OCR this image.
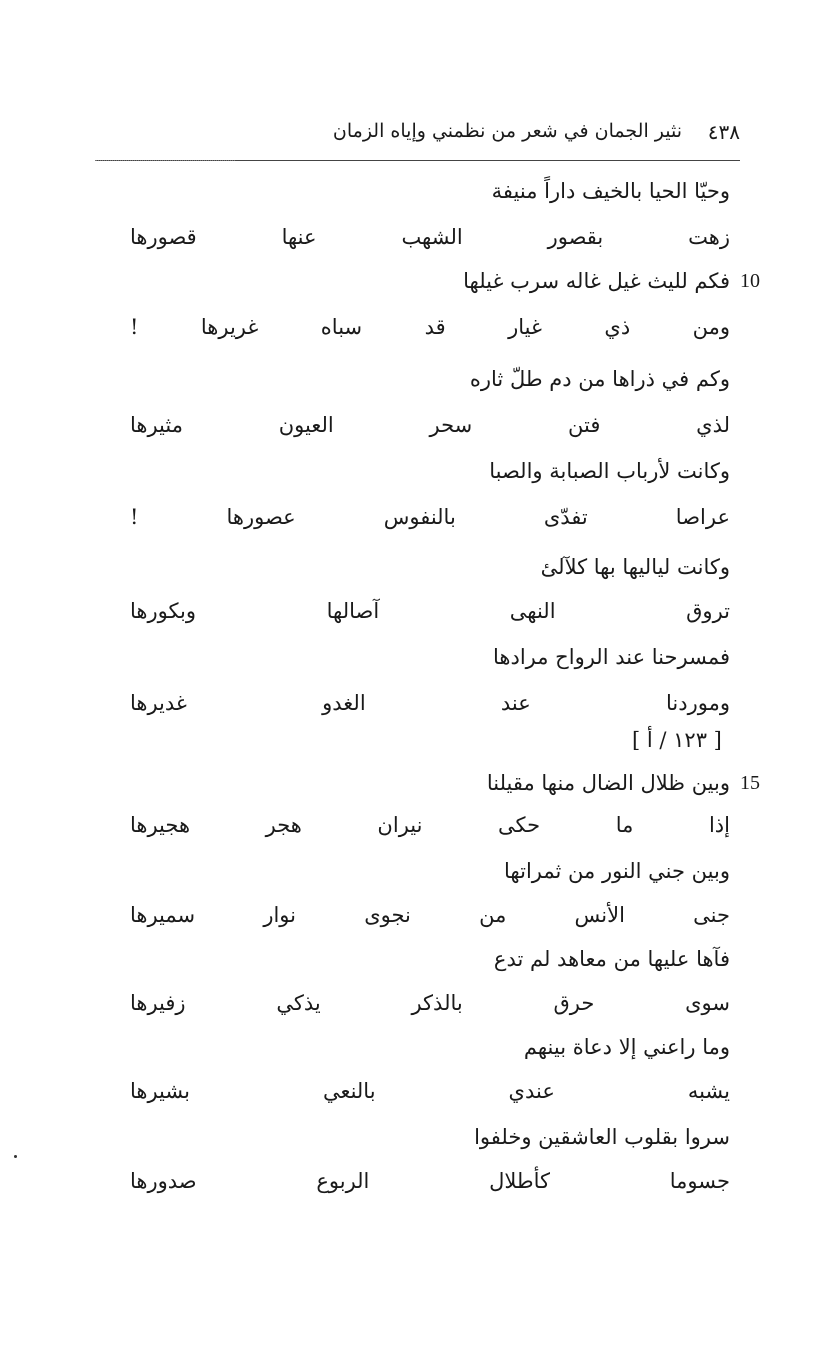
٤٣٨
نثير الجمان في شعر من نظمني وإياه الزمان
وحيّا الحيا بالخيف داراً منيفة
زهت بقصور الشهب عنها قصورها
10
فكم لليث غيل غاله سرب غيلها
ومن ذي غيار قد سباه غريرها !
وكم في ذراها من دم طلّ ثاره
لذي فتن سحر العيون مثيرها
وكانت لأرباب الصبابة والصبا
عراصا تفدّى بالنفوس عصورها !
وكانت لياليها بها كلآلئ
تروق النهى آصالها وبكورها
فمسرحنا عند الرواح مرادها
وموردنا عند الغدو غديرها
[ ١٢٣ / أ ]
15
وبين ظلال الضال منها مقيلنا
إذا ما حكى نيران هجر هجيرها
وبين جني النور من ثمراتها
جنى الأنس من نجوى نوار سميرها
فآها عليها من معاهد لم تدع
سوى حرق بالذكر يذكي زفيرها
وما راعني إلا دعاة بينهم
يشبه عندي بالنعي بشيرها
سروا بقلوب العاشقين وخلفوا
جسوما كأطلال الربوع صدورها
